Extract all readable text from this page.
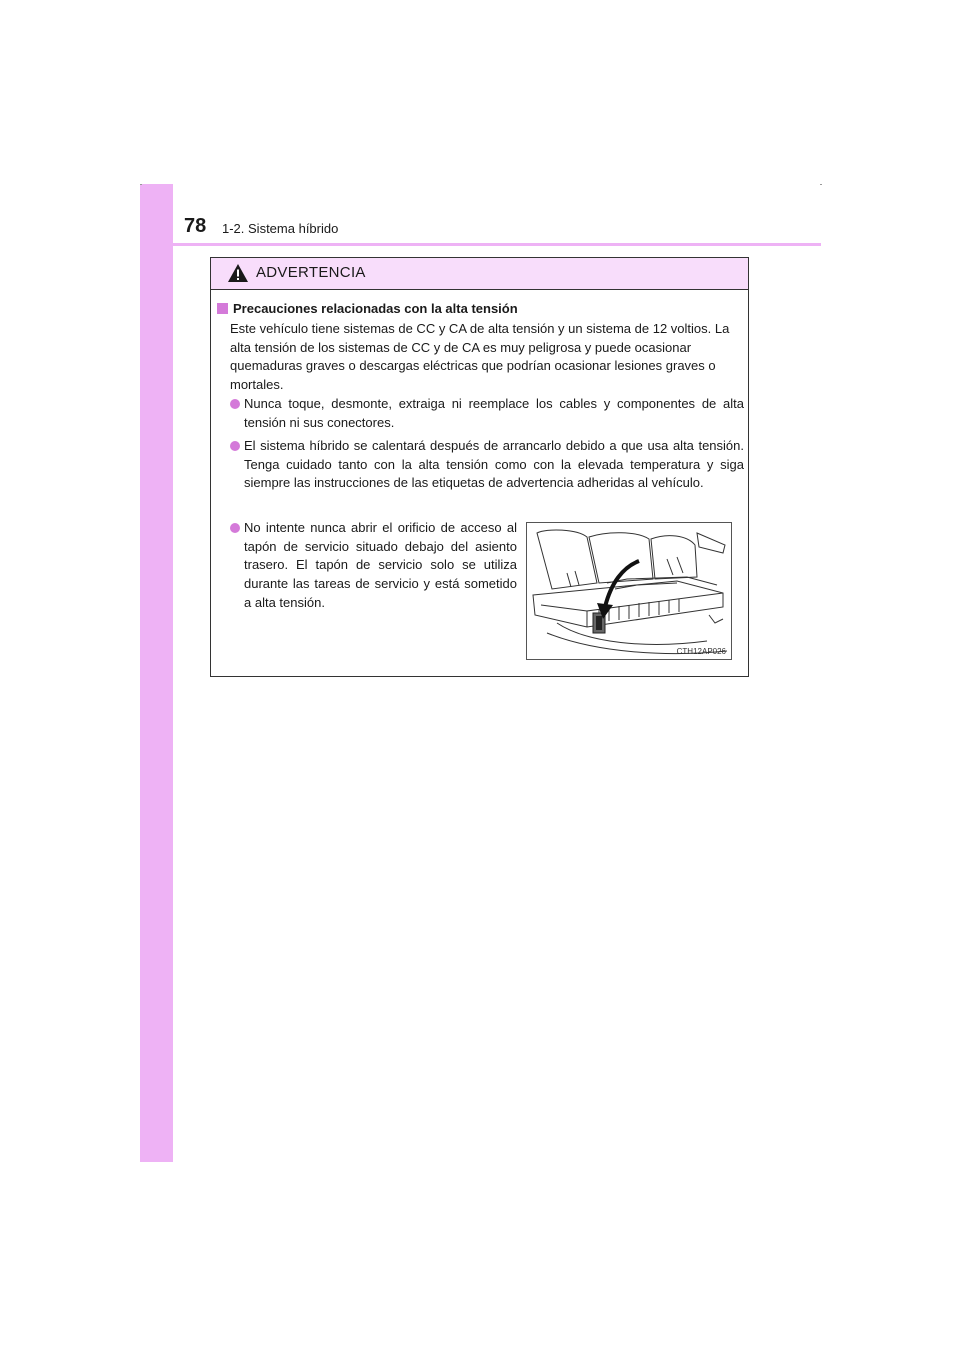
78 1-2. Sistema híbrido
ADVERTENCIA
Precauciones relacionadas con la alta tensión
Este vehículo tiene sistemas de CC y CA de alta tensión y un sistema de 12 voltios. La alta tensión de los sistemas de CC y de CA es muy peligrosa y puede ocasionar quemaduras graves o descargas eléctricas que podrían ocasionar lesiones graves o mortales.
Nunca toque, desmonte, extraiga ni reemplace los cables y componentes de alta tensión ni sus conectores.
El sistema híbrido se calentará después de arrancarlo debido a que usa alta tensión. Tenga cuidado tanto con la alta tensión como con la elevada temperatura y siga siempre las instrucciones de las etiquetas de advertencia adheridas al vehículo.
No intente nunca abrir el orificio de acceso al tapón de servicio situado debajo del asiento trasero. El tapón de servicio solo se utiliza durante las tareas de servicio y está sometido a alta tensión.
CTH12AP026
